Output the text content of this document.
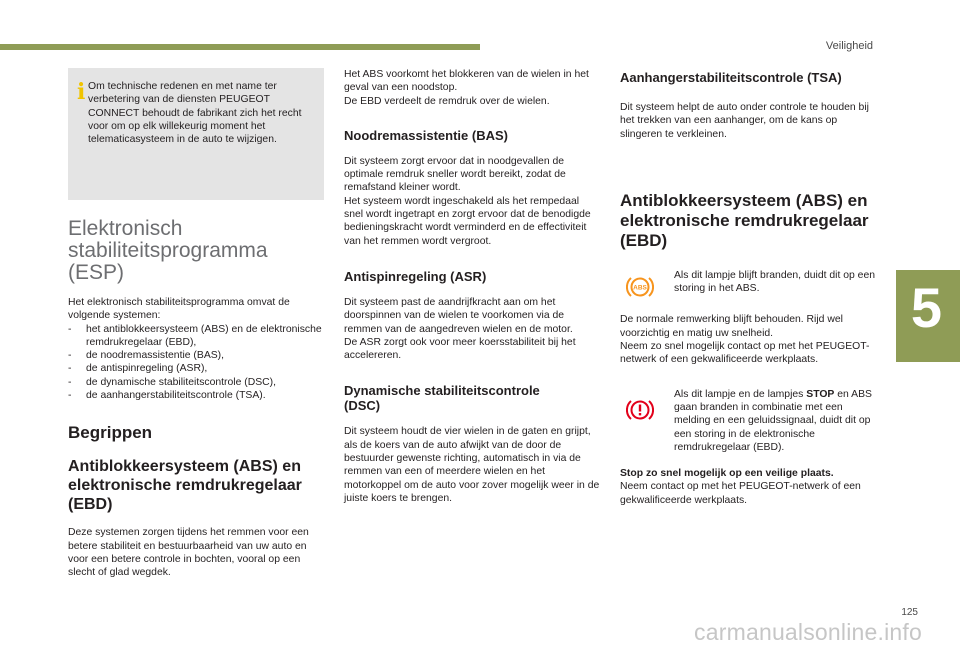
Veiligheid
5
i Om technische redenen en met name ter verbetering van de diensten PEUGEOT CONNECT behoudt de fabrikant zich het recht voor om op elk willekeurig moment het telematicasysteem in de auto te wijzigen.

Elektronisch
stabiliteitsprogramma (ESP)

Het elektronisch stabiliteitsprogramma omvat de volgende systemen:

- het antiblokkeersysteem (ABS) en de elektronische remdrukregelaar (EBD),
- de noodremassistentie (BAS),
- de antispinregeling (ASR),
- de dynamische stabiliteitscontrole (DSC),
- de aanhangerstabiliteitscontrole (TSA).
Begrippen
Antiblokkeersysteem (ABS) en
elektronische remdrukregelaar (EBD)

Deze systemen zorgen tijdens het remmen voor een betere stabiliteit en bestuurbaarheid van uw auto en voor een betere controle in bochten, vooral op een slecht of glad wegdek.

Het ABS voorkomt het blokkeren van de wielen in het geval van een noodstop.

De EBD verdeelt de remdruk over de wielen.

Noodremassistentie (BAS)

Dit systeem zorgt ervoor dat in noodgevallen de optimale remdruk sneller wordt bereikt, zodat de remafstand kleiner wordt.

Het systeem wordt ingeschakeld als het rempedaal snel wordt ingetrapt en zorgt ervoor dat de benodigde bedieningskracht wordt verminderd en de effectiviteit van het remmen wordt vergroot.

Antispinregeling (ASR)

Dit systeem past de aandrijfkracht aan om het doorspinnen van de wielen te voorkomen via de remmen van de aangedreven wielen en de motor.

De ASR zorgt ook voor meer koersstabiliteit bij het accelereren.

Dynamische stabiliteitscontrole
(DSC)

Dit systeem houdt de vier wielen in de gaten en grijpt, als de koers van de auto afwijkt van de door de bestuurder gewenste richting, automatisch in via de remmen van een of meerdere wielen en het motorkoppel om de auto voor zover mogelijk weer in de juiste koers te brengen.

Aanhangerstabiliteitscontrole (TSA)

Dit systeem helpt de auto onder controle te houden bij het trekken van een aanhanger, om de kans op slingeren te verkleinen.

Antiblokkeersysteem (ABS) en
elektronische remdrukregelaar
(EBD)
ABS

Als dit lampje blijft branden, duidt dit op een storing in het ABS.

De normale remwerking blijft behouden. Rijd wel voorzichtig en matig uw snelheid.

Neem zo snel mogelijk contact op met het PEUGEOT-netwerk of een gekwalificeerde werkplaats.

Als dit lampje en de lampjes STOP en ABS gaan branden in combinatie met een melding en een geluidssignaal, duidt dit op een storing in de elektronische remdrukregelaar (EBD).

Stop zo snel mogelijk op een veilige plaats.

Neem contact op met het PEUGEOT-netwerk of een gekwalificeerde werkplaats.

125
carmanualsonline.info
